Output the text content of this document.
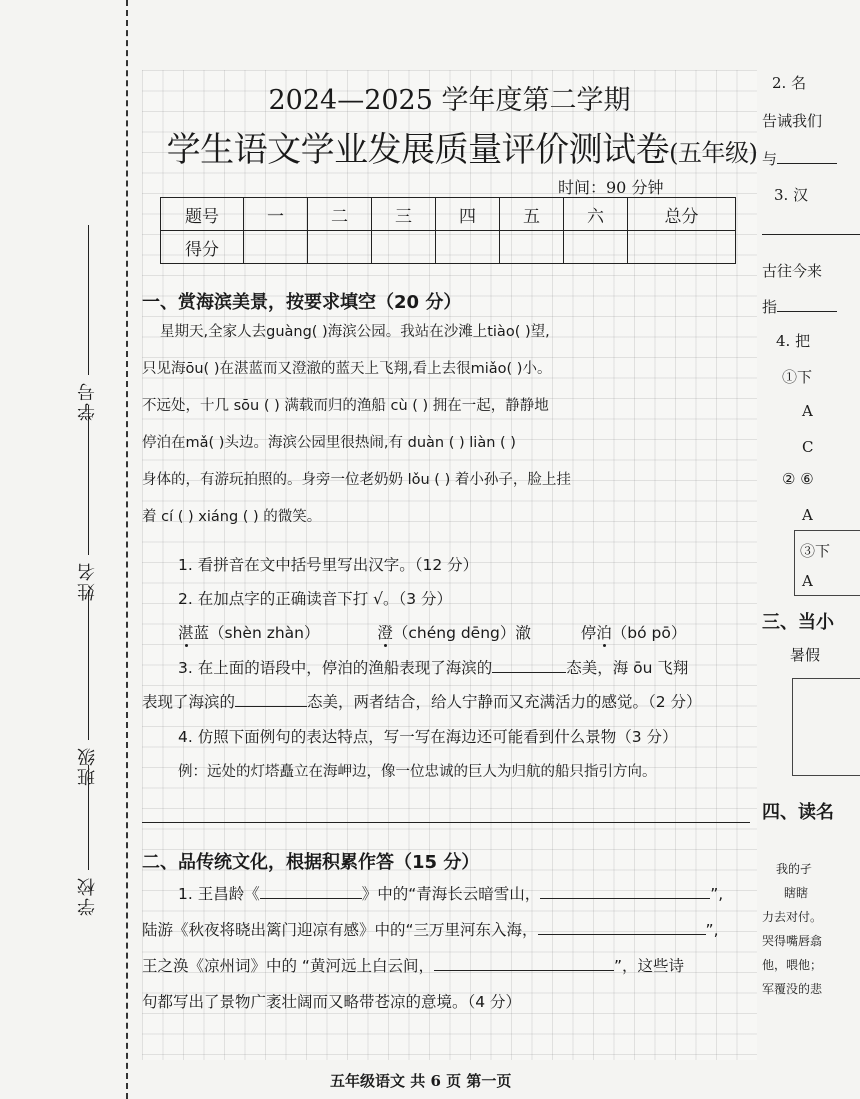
学号
姓名
班级
学校
2024—2025 学年度第二学期
学生语文学业发展质量评价测试卷(五年级)
时间：90 分钟
题号	一	二	三	四	五	六	总分
得分							
一、赏海滨美景，按要求填空（20 分）
星期天,全家人去guàng( )海滨公园。我站在沙滩上tiào( )望,
只见海ōu( )在湛蓝而又澄澈的蓝天上飞翔,看上去很miǎo( )小。
不远处，十几 sōu ( ) 满载而归的渔船 cù ( ) 拥在一起，静静地
停泊在mǎ( )头边。海滨公园里很热闹,有 duàn ( ) liàn ( )
身体的，有游玩拍照的。身旁一位老奶奶 lǒu ( ) 着小孙子，脸上挂
着 cí ( ) xiáng ( ) 的微笑。
1. 看拼音在文中括号里写出汉字。（12 分）
2. 在加点字的正确读音下打 √。（3 分）
湛蓝（shèn zhàn）	澄（chéng dēng）澈	停泊（bó pō）
3. 在上面的语段中，停泊的渔船表现了海滨的	态美，海 ōu 飞翔
表现了海滨的	态美，两者结合，给人宁静而又充满活力的感觉。（2 分）
4. 仿照下面例句的表达特点，写一写在海边还可能看到什么景物（3 分）
例：远处的灯塔矗立在海岬边，像一位忠诚的巨人为归航的船只指引方向。
二、品传统文化，根据积累作答（15 分）
1. 王昌龄《	》中的“青海长云暗雪山，	”,
陆游《秋夜将晓出篱门迎凉有感》中的“三万里河东入海，	”,
王之涣《凉州词》中的 “黄河远上白云间，	”，这些诗
句都写出了景物广袤壮阔而又略带苍凉的意境。（4 分）
五年级语文 共 6 页 第一页
2. 名
告诫我们
与
3. 汉
古往今来
指
4. 把
①下
A
C
② ⑥
A
③下
A
三、当小
暑假
四、读名
我的孑
瞎瞎
力去对付。
哭得嘴唇翕
他，喂他；
军覆没的悲
